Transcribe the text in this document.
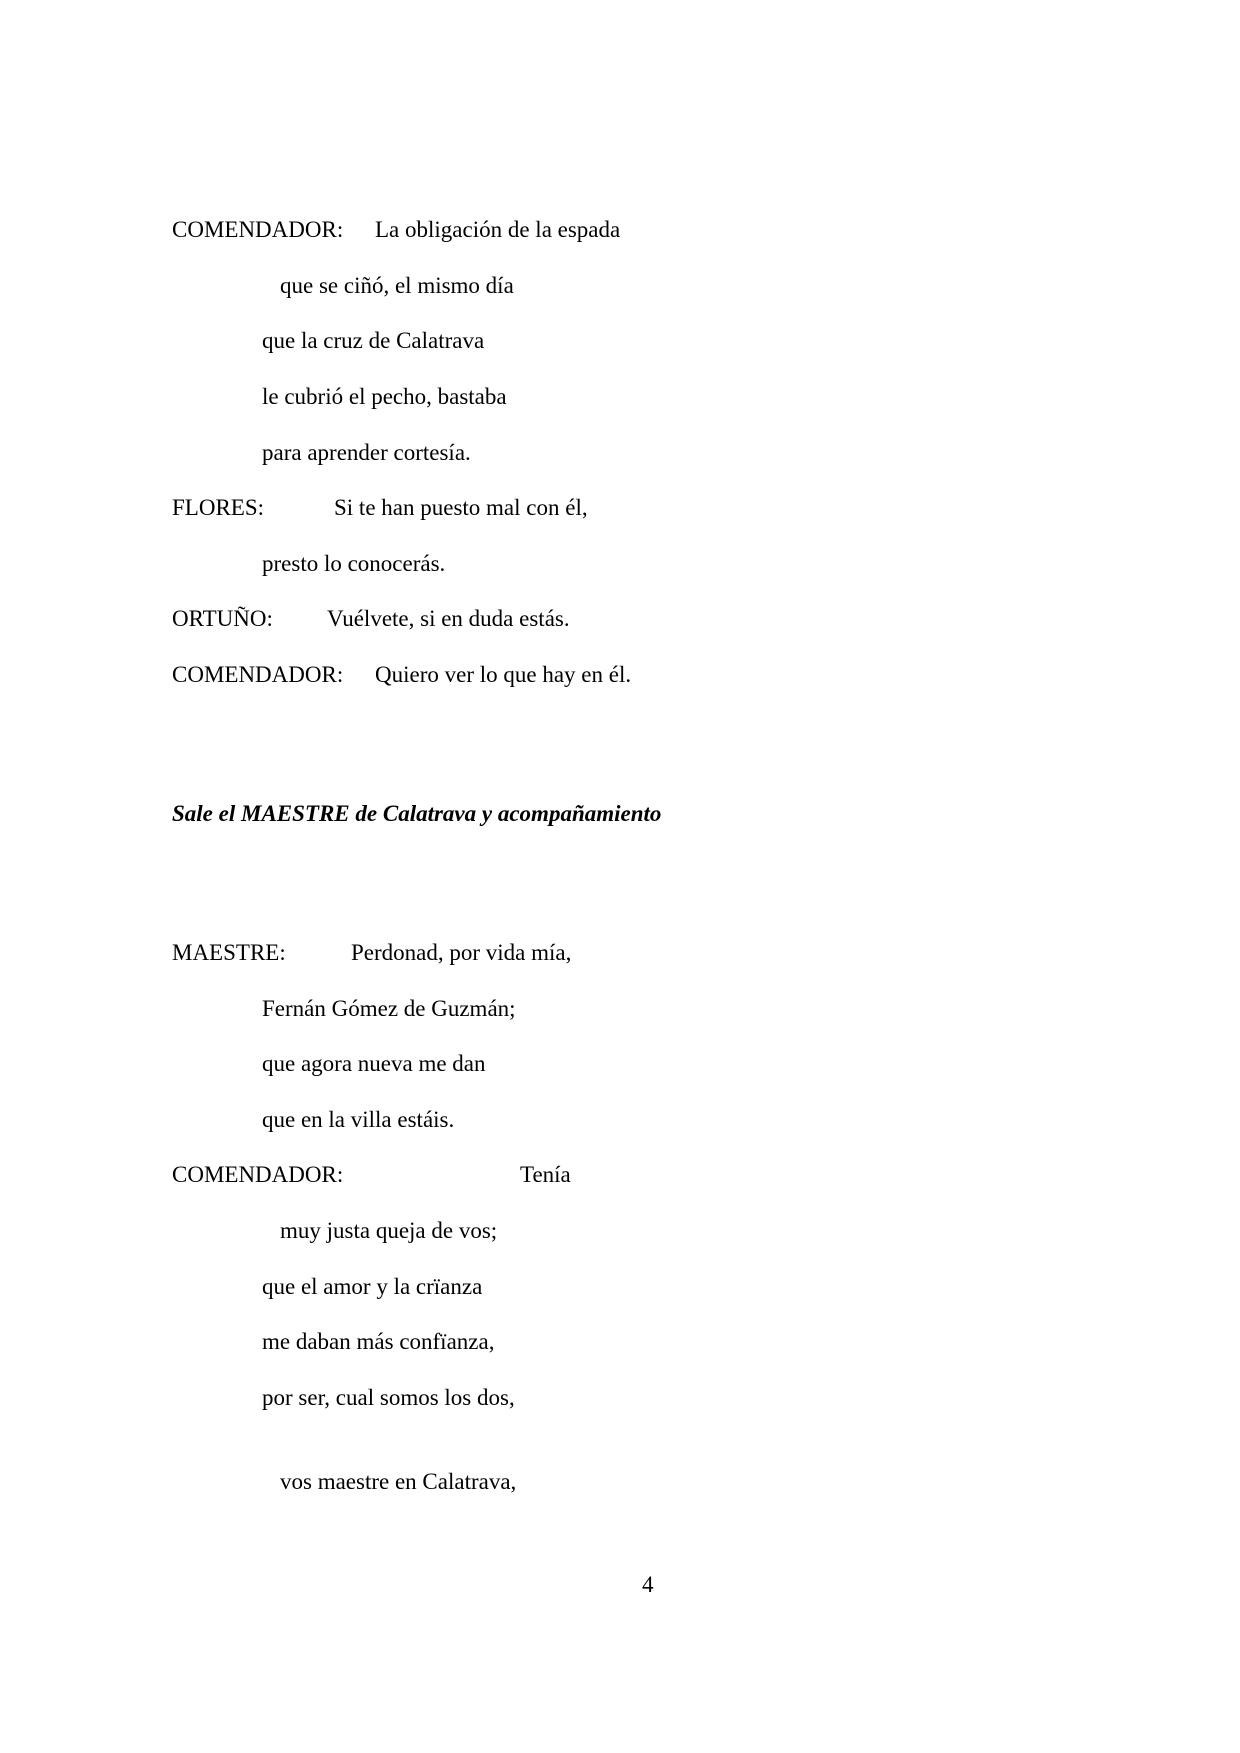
COMENDADOR: La obligación de la espada
que se ciñó, el mismo día
que la cruz de Calatrava
le cubrió el pecho, bastaba
para aprender cortesía.
FLORES:	Si te han puesto mal con él,
presto lo conocerás.
ORTUÑO: Vuélvete, si en duda estás.
COMENDADOR: Quiero ver lo que hay en él.
Sale el MAESTRE de Calatrava y acompañamiento
MAESTRE:	Perdonad, por vida mía,
Fernán Gómez de Guzmán;
que agora nueva me dan
que en la villa estáis.
COMENDADOR:	Tenía
muy justa queja de vos;
que el amor y la crïanza
me daban más confïanza,
por ser, cual somos los dos,
vos maestre en Calatrava,
4
